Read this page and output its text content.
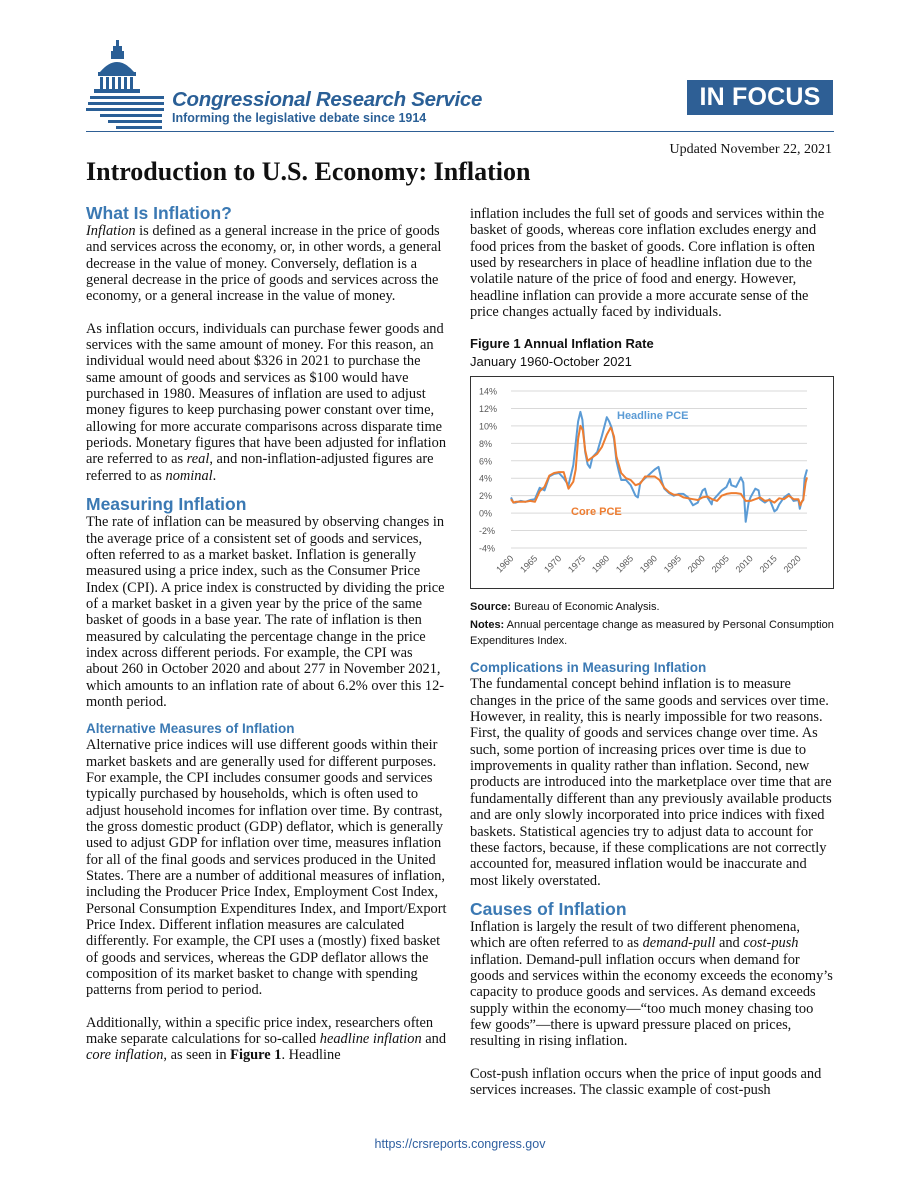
Congressional Research Service
Informing the legislative debate since 1914
IN FOCUS
Updated November 22, 2021
Introduction to U.S. Economy: Inflation
What Is Inflation?

Inflation is defined as a general increase in the price of goods and services across the economy, or, in other words, a general decrease in the value of money. Conversely, deflation is a general decrease in the price of goods and services across the economy, or a general increase in the value of money.

As inflation occurs, individuals can purchase fewer goods and services with the same amount of money. For this reason, an individual would need about $326 in 2021 to purchase the same amount of goods and services as $100 would have purchased in 1980. Measures of inflation are used to adjust money figures to keep purchasing power constant over time, allowing for more accurate comparisons across disparate time periods. Monetary figures that have been adjusted for inflation are referred to as real, and non-inflation-adjusted figures are referred to as nominal.

Measuring Inflation

The rate of inflation can be measured by observing changes in the average price of a consistent set of goods and services, often referred to as a market basket. Inflation is generally measured using a price index, such as the Consumer Price Index (CPI). A price index is constructed by dividing the price of a market basket in a given year by the price of the same basket of goods in a base year. The rate of inflation is then measured by calculating the percentage change in the price index across different periods. For example, the CPI was about 260 in October 2020 and about 277 in November 2021, which amounts to an inflation rate of about 6.2% over this 12-month period.

Alternative Measures of Inflation

Alternative price indices will use different goods within their market baskets and are generally used for different purposes. For example, the CPI includes consumer goods and services typically purchased by households, which is often used to adjust household incomes for inflation over time. By contrast, the gross domestic product (GDP) deflator, which is generally used to adjust GDP for inflation over time, measures inflation for all of the final goods and services produced in the United States. There are a number of additional measures of inflation, including the Producer Price Index, Employment Cost Index, Personal Consumption Expenditures Index, and Import/Export Price Index. Different inflation measures are calculated differently. For example, the CPI uses a (mostly) fixed basket of goods and services, whereas the GDP deflator allows the composition of its market basket to change with spending patterns from period to period.

Additionally, within a specific price index, researchers often make separate calculations for so-called headline inflation and core inflation, as seen in Figure 1. Headline

inflation includes the full set of goods and services within the basket of goods, whereas core inflation excludes energy and food prices from the basket of goods. Core inflation is often used by researchers in place of headline inflation due to the volatile nature of the price of food and energy. However, headline inflation can provide a more accurate sense of the price changes actually faced by individuals.

Figure 1 Annual Inflation Rate

January 1960-October 2021

-4%
-2%
0%
2%
4%
6%
8%
10%
12%
14%
1960 1965 1970 1975 1980 1985 1990 1995 2000 2005 2010 2015 2020
Headline PCE
Core PCE

Source: Bureau of Economic Analysis.

Notes: Annual percentage change as measured by Personal Consumption Expenditures Index.

Complications in Measuring Inflation

The fundamental concept behind inflation is to measure changes in the price of the same goods and services over time. However, in reality, this is nearly impossible for two reasons. First, the quality of goods and services change over time. As such, some portion of increasing prices over time is due to improvements in quality rather than inflation. Second, new products are introduced into the marketplace over time that are fundamentally different than any previously available products and are only slowly incorporated into price indices with fixed baskets. Statistical agencies try to adjust data to account for these factors, because, if these complications are not correctly accounted for, measured inflation would be inaccurate and most likely overstated.

Causes of Inflation

Inflation is largely the result of two different phenomena, which are often referred to as demand-pull and cost-push inflation. Demand-pull inflation occurs when demand for goods and services within the economy exceeds the economy’s capacity to produce goods and services. As demand exceeds supply within the economy—“too much money chasing too few goods”—there is upward pressure placed on prices, resulting in rising inflation.

Cost-push inflation occurs when the price of input goods and services increases. The classic example of cost-push

https://crsreports.congress.gov
